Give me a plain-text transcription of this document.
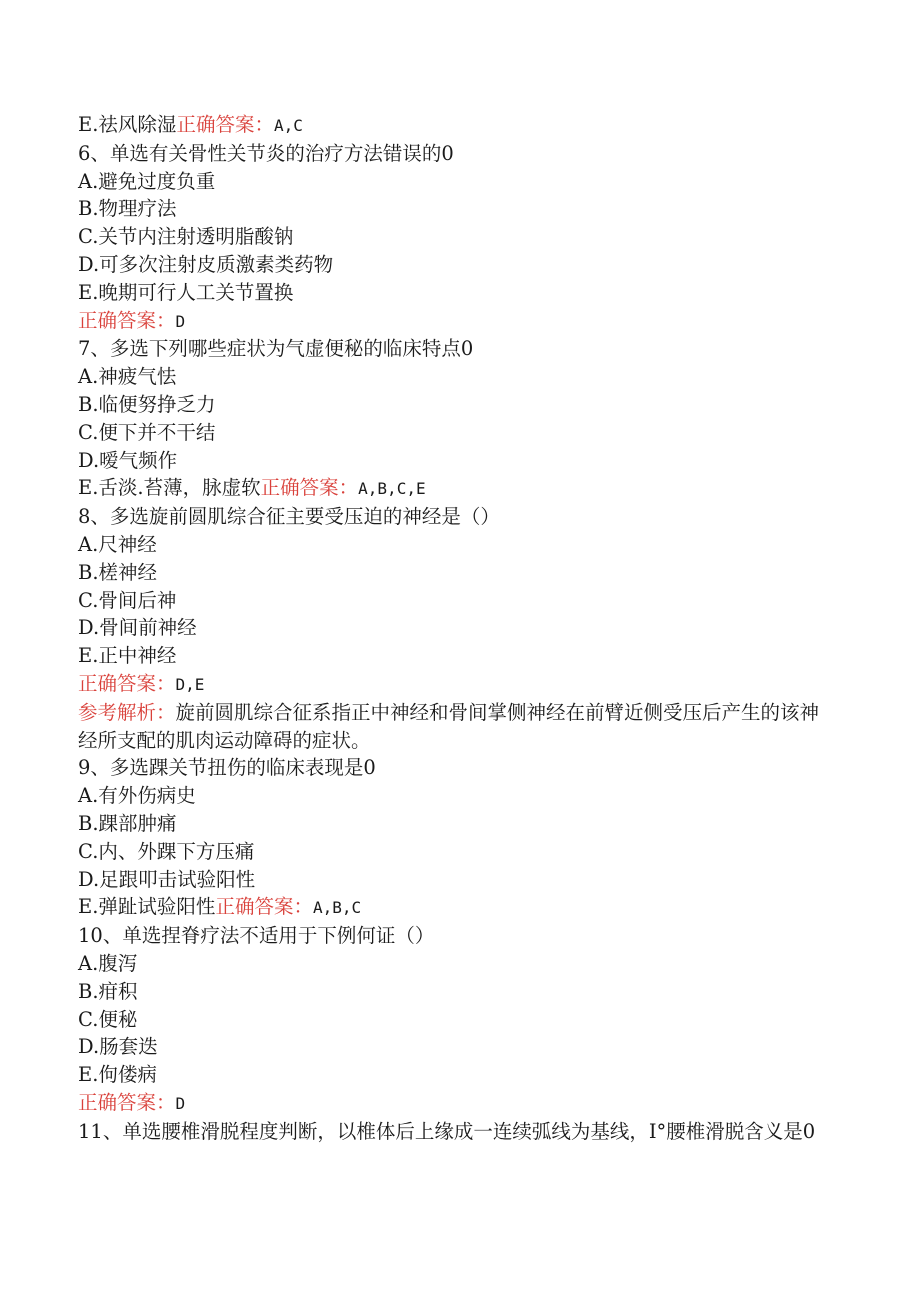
E.祛风除湿正确答案：A,C
6、单选有关骨性关节炎的治疗方法错误的0
A.避免过度负重
B.物理疗法
C.关节内注射透明脂酸钠
D.可多次注射皮质激素类药物
E.晚期可行人工关节置换
正确答案：D
7、多选下列哪些症状为气虚便秘的临床特点0
A.神疲气怯
B.临便努挣乏力
C.便下并不干结
D.嗳气频作
E.舌淡.苔薄，脉虚软正确答案：A,B,C,E
8、多选旋前圆肌综合征主要受压迫的神经是（）
A.尺神经
B.槎神经
C.骨间后神
D.骨间前神经
E.正中神经
正确答案：D,E
参考解析：旋前圆肌综合征系指正中神经和骨间掌侧神经在前臂近侧受压后产生的该神经所支配的肌肉运动障碍的症状。
9、多选踝关节扭伤的临床表现是0
A.有外伤病史
B.踝部肿痛
C.内、外踝下方压痛
D.足跟叩击试验阳性
E.弹趾试验阳性正确答案：A,B,C
10、单选捏脊疗法不适用于下例何证（）
A.腹泻
B.疳积
C.便秘
D.肠套迭
E.佝偻病
正确答案：D
11、单选腰椎滑脱程度判断，以椎体后上缘成一连续弧线为基线，I°腰椎滑脱含义是0
